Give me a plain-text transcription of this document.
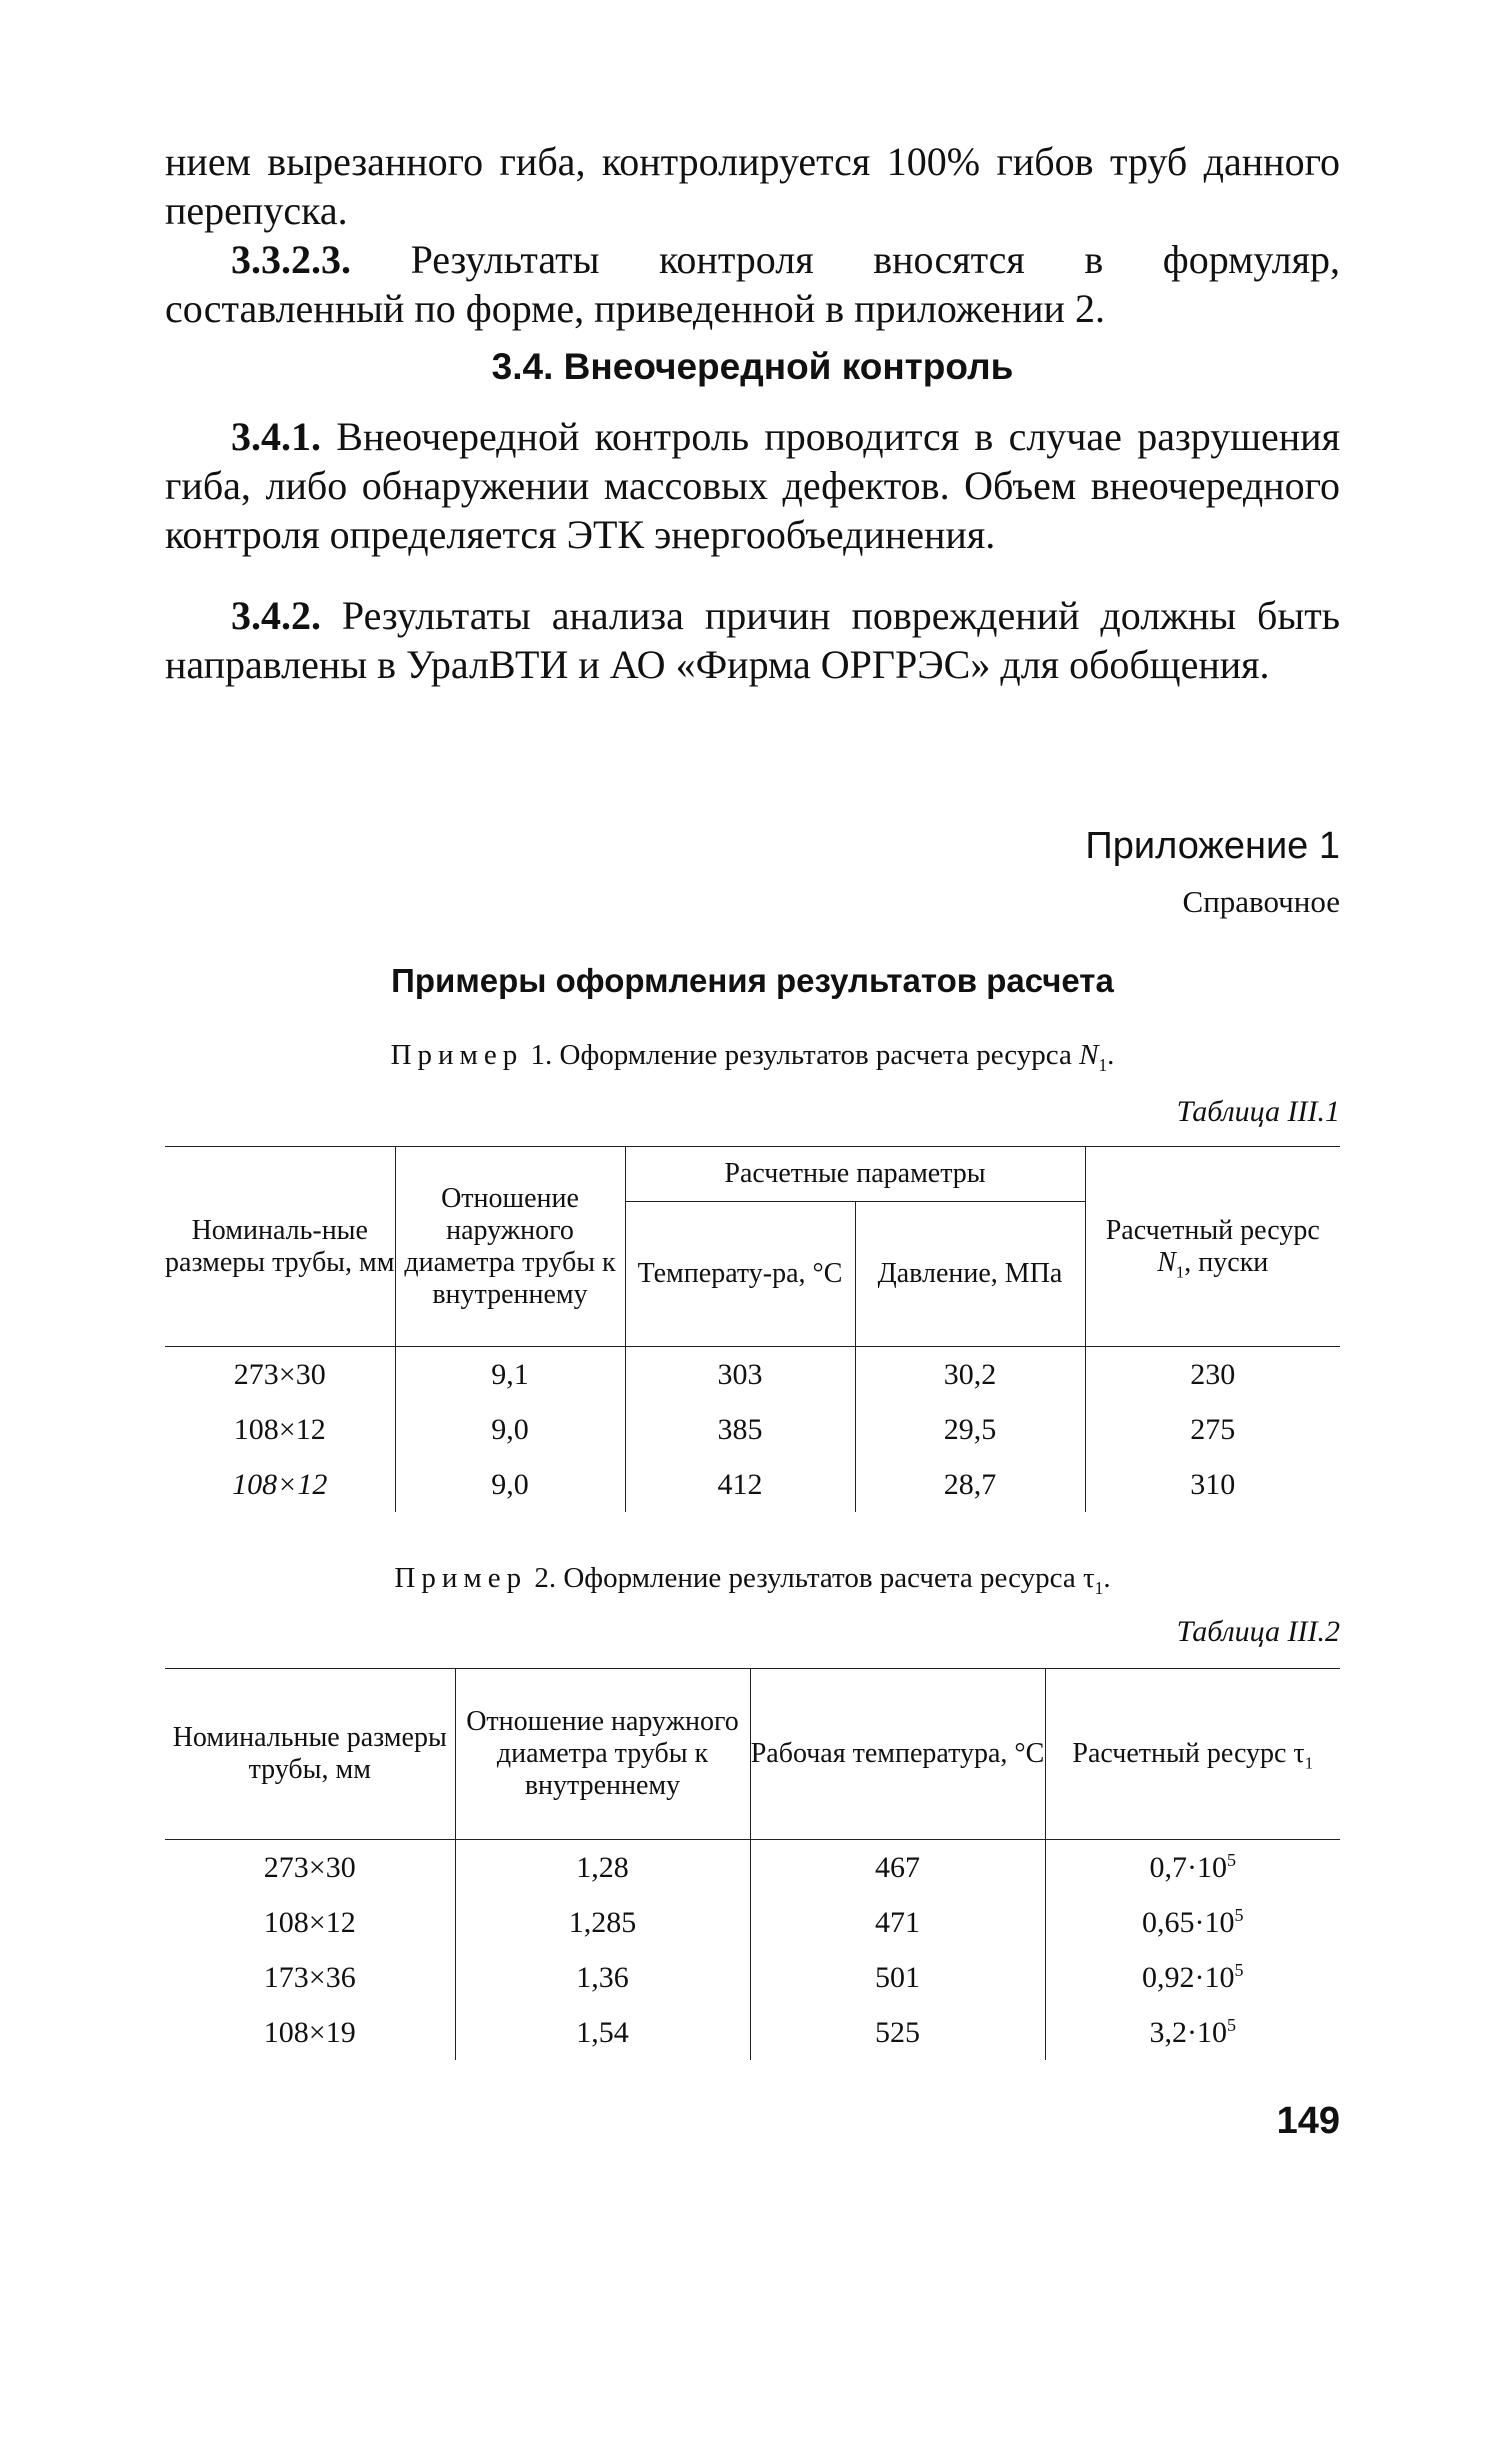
нием вырезанного гиба, контролируется 100% гибов труб данного перепуска.

3.3.2.3. Результаты контроля вносятся в формуляр, составленный по форме, приведенной в приложении 2.

3.4. Внеочередной контроль

3.4.1. Внеочередной контроль проводится в случае разрушения гиба, либо обнаружении массовых дефектов. Объем внеочередного контроля определяется ЭТК энергообъединения.

3.4.2. Результаты анализа причин повреждений должны быть направлены в УралВТИ и АО «Фирма ОРГРЭС» для обобщения.

Приложение 1
Справочное
Примеры оформления результатов расчета
Пример 1. Оформление результатов расчета ресурса $N_1$.
Таблица III.1
Номиналь-ные размеры трубы, мм	Отношение наружного диаметра трубы к внутреннему	Расчетные параметры		Расчетный ресурс $N_1$, пуски
		Температу-ра, °С	Давление, МПа	
273×30	9,1	303	30,2	230
108×12	9,0	385	29,5	275
108×12	9,0	412	28,7	310
Пример 2. Оформление результатов расчета ресурса $\tau_1$.
Таблица III.2
Номинальные размеры трубы, мм	Отношение наружного диаметра трубы к внутреннему	Рабочая температура, °С	Расчетный ресурс $\tau_1$
273×30	1,28	467	$0,7\cdot 10^5$
108×12	1,285	471	$0,65\cdot 10^5$
173×36	1,36	501	$0,92\cdot 10^5$
108×19	1,54	525	$3,2\cdot 10^5$
149
